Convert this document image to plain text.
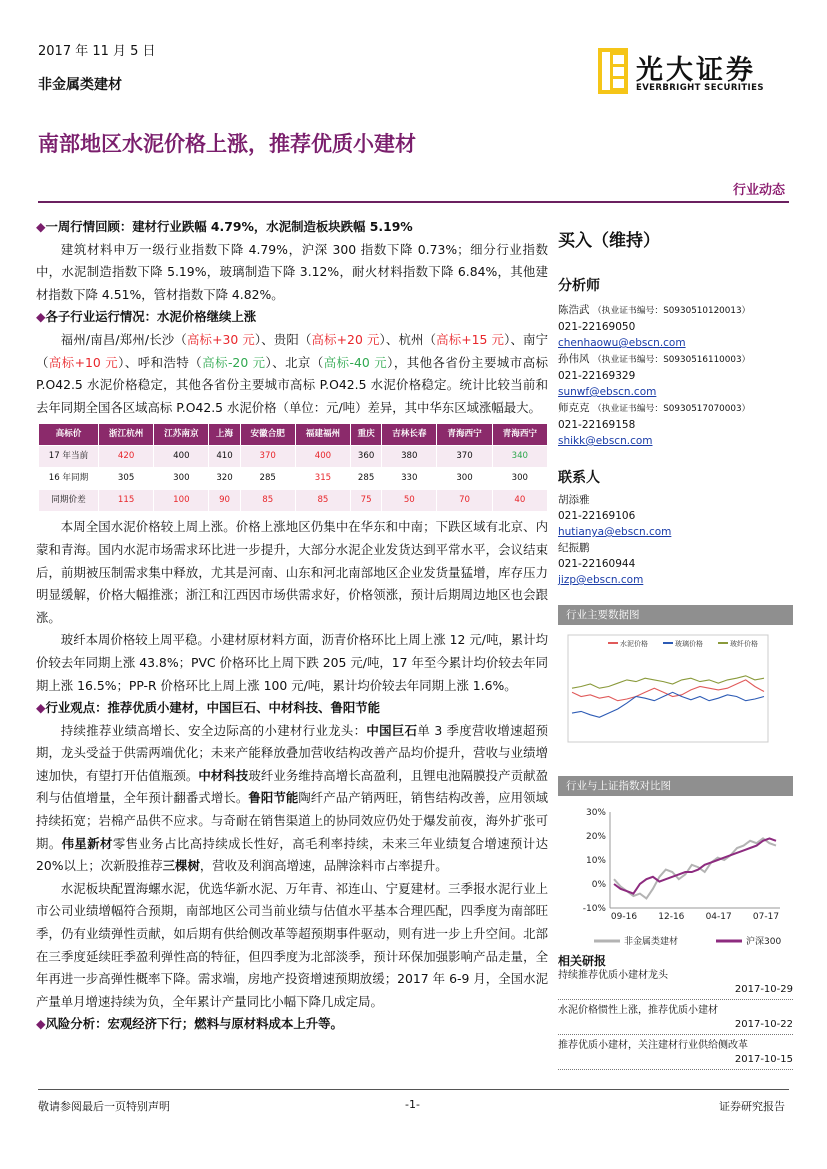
2017 年 11 月 5 日
非金属类建材	光大证券
EVERBRIGHT SECURITIES
南部地区水泥价格上涨，推荐优质小建材
行业动态

◆一周行情回顾：建材行业跌幅 4.79%，水泥制造板块跌幅 5.19%

建筑材料申万一级行业指数下降 4.79%，沪深 300 指数下降 0.73%；细分行业指数中，水泥制造指数下降 5.19%，玻璃制造下降 3.12%，耐火材料指数下降 6.84%，其他建材指数下降 4.51%，管材指数下降 4.82%。

◆各子行业运行情况：水泥价格继续上涨

福州/南昌/郑州/长沙（高标+30 元）、贵阳（高标+20 元）、杭州（高标+15 元）、南宁（高标+10 元）、呼和浩特（高标-20 元）、北京（高标-40 元），其他各省份主要城市高标 P.O42.5 水泥价格稳定，其他各省份主要城市高标 P.O42.5 水泥价格稳定。统计比较当前和去年同期全国各区域高标 P.O42.5 水泥价格（单位：元/吨）差异，其中华东区域涨幅最大。

高标价	浙江杭州	江苏南京	上海	安徽合肥	福建福州	重庆	吉林长春	青海西宁	青海西宁
17 年当前	420	400	410	370	400	360	380	370	340
16 年同期	305	300	320	285	315	285	330	300	300
同期价差	115	100	90	85	85	75	50	70	40

本周全国水泥价格较上周上涨。价格上涨地区仍集中在华东和中南；下跌区域有北京、内蒙和青海。国内水泥市场需求环比进一步提升，大部分水泥企业发货达到平常水平，会议结束后，前期被压制需求集中释放，尤其是河南、山东和河北南部地区企业发货量猛增，库存压力明显缓解，价格大幅推涨；浙江和江西因市场供需求好，价格领涨，预计后期周边地区也会跟涨。

玻纤本周价格较上周平稳。小建材原材料方面，沥青价格环比上周上涨 12 元/吨，累计均价较去年同期上涨 43.8%；PVC 价格环比上周下跌 205 元/吨，17 年至今累计均价较去年同期上涨 16.5%；PP-R 价格环比上周上涨 100 元/吨，累计均价较去年同期上涨 1.6%。

◆行业观点：推荐优质小建材，中国巨石、中材科技、鲁阳节能

持续推荐业绩高增长、安全边际高的小建材行业龙头：中国巨石单 3 季度营收增速超预期，龙头受益于供需两端优化；未来产能释放叠加营收结构改善产品均价提升，营收与业绩增速加快，有望打开估值瓶颈。中材科技玻纤业务维持高增长高盈利，且锂电池隔膜投产贡献盈利与估值增量，全年预计翻番式增长。鲁阳节能陶纤产品产销两旺，销售结构改善，应用领域持续拓宽；岩棉产品供不应求。与奇耐在销售渠道上的协同效应仍处于爆发前夜，海外扩张可期。伟星新材零售业务占比高持续成长性好，高毛利率持续，未来三年业绩复合增速预计达 20%以上；次新股推荐三棵树，营收及利润高增速，品牌涂料市占率提升。

水泥板块配置海螺水泥，优选华新水泥、万年青、祁连山、宁夏建材。三季报水泥行业上市公司业绩增幅符合预期，南部地区公司当前业绩与估值水平基本合理匹配，四季度为南部旺季，仍有业绩弹性贡献，如后期有供给侧改革等超预期事件驱动，则有进一步上升空间。北部在三季度延续旺季盈利弹性高的特征，但四季度为北部淡季，预计环保加强影响产品走量，全年再进一步高弹性概率下降。需求端，房地产投资增速预期放缓；2017 年 6-9 月，全国水泥产量单月增速持续为负，全年累计产量同比小幅下降几成定局。

◆风险分析：宏观经济下行；燃料与原材料成本上升等。

买入（维持）
分析师
陈浩武 （执业证书编号：S0930510120013）
021-22169050
chenhaowu@ebscn.com
孙伟风 （执业证书编号：S0930516110003）
021-22169329
sunwf@ebscn.com
师克克 （执业证书编号：S0930517070003）
021-22169158
shikk@ebscn.com
联系人
胡添雅
021-22169106
hutianya@ebscn.com
纪振鹏
021-22160944
jizp@ebscn.com
行业主要数据图
水泥价格	玻璃价格	玻纤价格
行业与上证指数对比图
30%
20%
10%
0%
-10%
09-16 12-16 04-17 07-17
非金属类建材	沪深300
相关研报
持续推荐优质小建材龙头
2017-10-29
水泥价格惯性上涨，推荐优质小建材
2017-10-22
推荐优质小建材，关注建材行业供给侧改革
2017-10-15
敬请参阅最后一页特别声明	-1-	证券研究报告
